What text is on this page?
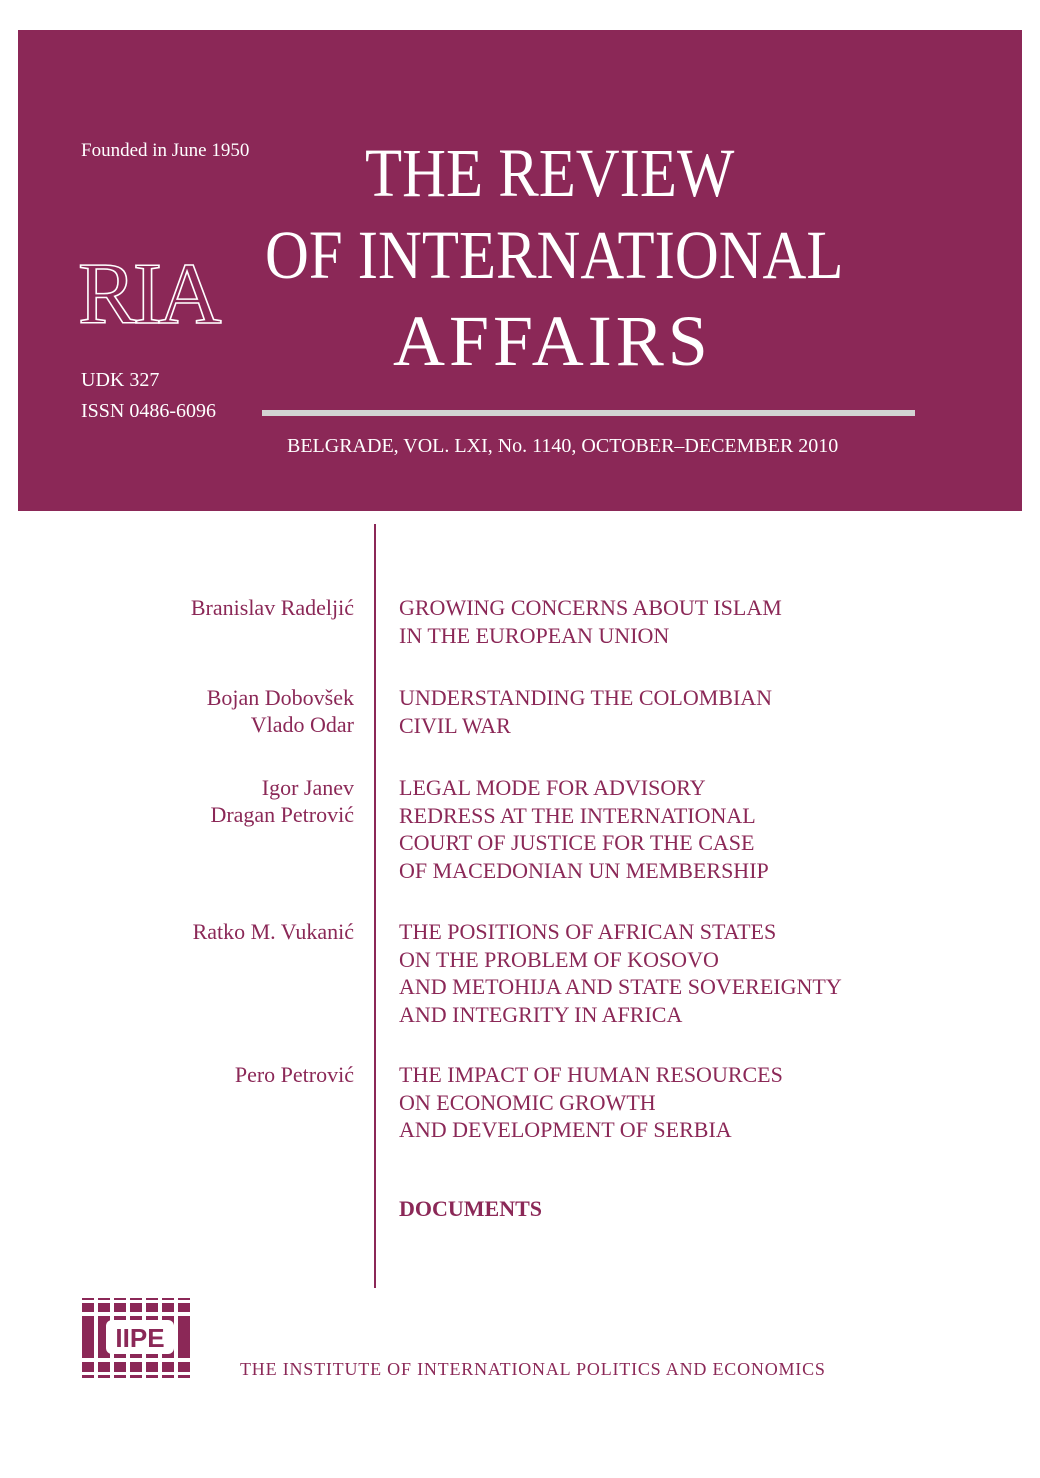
Founded in June 1950
RIA
THE REVIEW
OF INTERNATIONAL
AFFAIRS
UDK 327
ISSN 0486-6096
BELGRADE, VOL. LXI, No. 1140, OCTOBER–DECEMBER 2010
Branislav Radeljić GROWING CONCERNS ABOUT ISLAM
IN THE EUROPEAN UNION
Bojan Dobovšek
Vlado Odar
UNDERSTANDING THE COLOMBIAN
CIVIL WAR
Igor Janev
Dragan Petrović
LEGAL MODE FOR ADVISORY
REDRESS AT THE INTERNATIONAL
COURT OF JUSTICE FOR THE CASE
OF MACEDONIAN UN MEMBERSHIP
Ratko M. Vukanić THE POSITIONS OF AFRICAN STATES
ON THE PROBLEM OF KOSOVO
AND METOHIJA AND STATE SOVEREIGNTY
AND INTEGRITY IN AFRICA
Pero Petrović THE IMPACT OF HUMAN RESOURCES
ON ECONOMIC GROWTH
AND DEVELOPMENT OF SERBIA
DOCUMENTS
IIPE
THE INSTITUTE OF INTERNATIONAL POLITICS AND ECONOMICS
